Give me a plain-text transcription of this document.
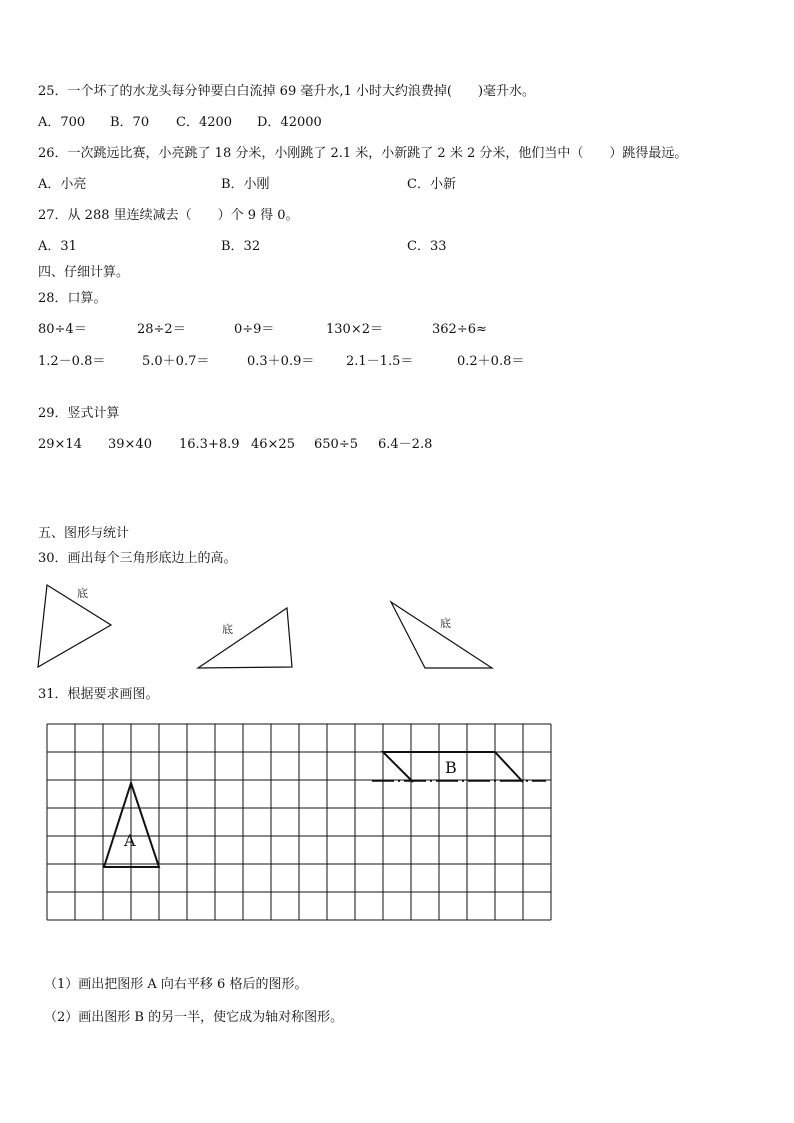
25．一个坏了的水龙头每分钟要白白流掉 69 毫升水,1 小时大约浪费掉(　　)毫升水。
A．700 B．70 C．4200 D．42000
26．一次跳远比赛，小亮跳了 18 分米，小刚跳了 2.1 米，小新跳了 2 米 2 分米，他们当中（　　）跳得最远。
A．小亮	B．小刚	C．小新
27．从 288 里连续减去（　　）个 9 得 0。
A．31	B．32	C．33
四、仔细计算。
28．口算。
80÷4＝	28÷2＝	0÷9＝	130×2＝	362÷6≈
1.2－0.8＝	5.0＋0.7＝	0.3＋0.9＝ 2.1－1.5＝	0.2＋0.8＝
29．竖式计算
29×14 39×40 16.3+8.9 46×25 650÷5 6.4－2.8
五、图形与统计
30．画出每个三角形底边上的高。
底
底	底
31．根据要求画图。
A
B
（1）画出把图形 A 向右平移 6 格后的图形。
（2）画出图形 B 的另一半，使它成为轴对称图形。
